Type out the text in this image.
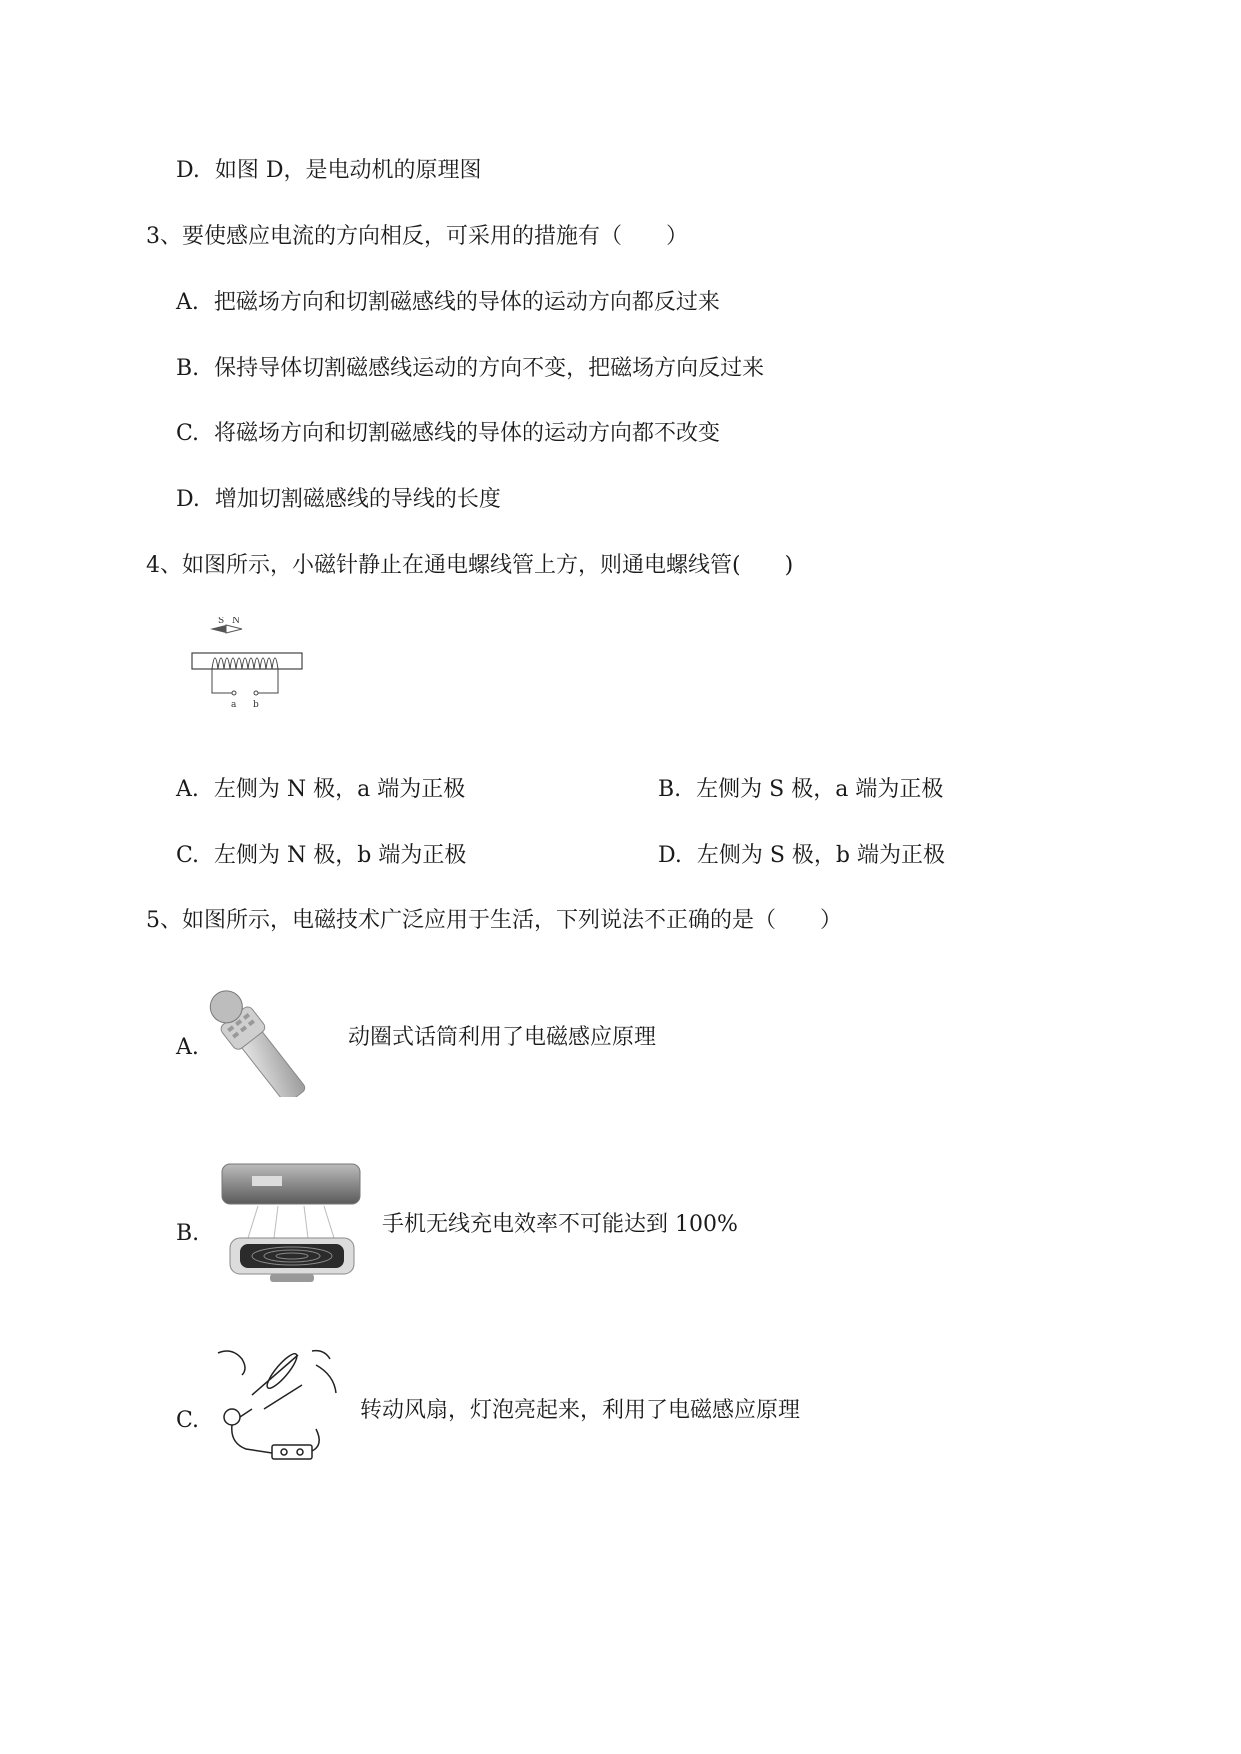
D. 如图 D，是电动机的原理图
3、要使感应电流的方向相反，可采用的措施有（　　）
A. 把磁场方向和切割磁感线的导体的运动方向都反过来
B. 保持导体切割磁感线运动的方向不变，把磁场方向反过来
C. 将磁场方向和切割磁感线的导体的运动方向都不改变
D. 增加切割磁感线的导线的长度
4、如图所示，小磁针静止在通电螺线管上方，则通电螺线管(　　)
S N
a b
A. 左侧为 N 极，a 端为正极	B. 左侧为 S 极，a 端为正极
C. 左侧为 N 极，b 端为正极	D. 左侧为 S 极，b 端为正极
5、如图所示，电磁技术广泛应用于生活，下列说法不正确的是（　　）
A.	动圈式话筒利用了电磁感应原理
B.	手机无线充电效率不可能达到 100%
C.	转动风扇，灯泡亮起来，利用了电磁感应原理
